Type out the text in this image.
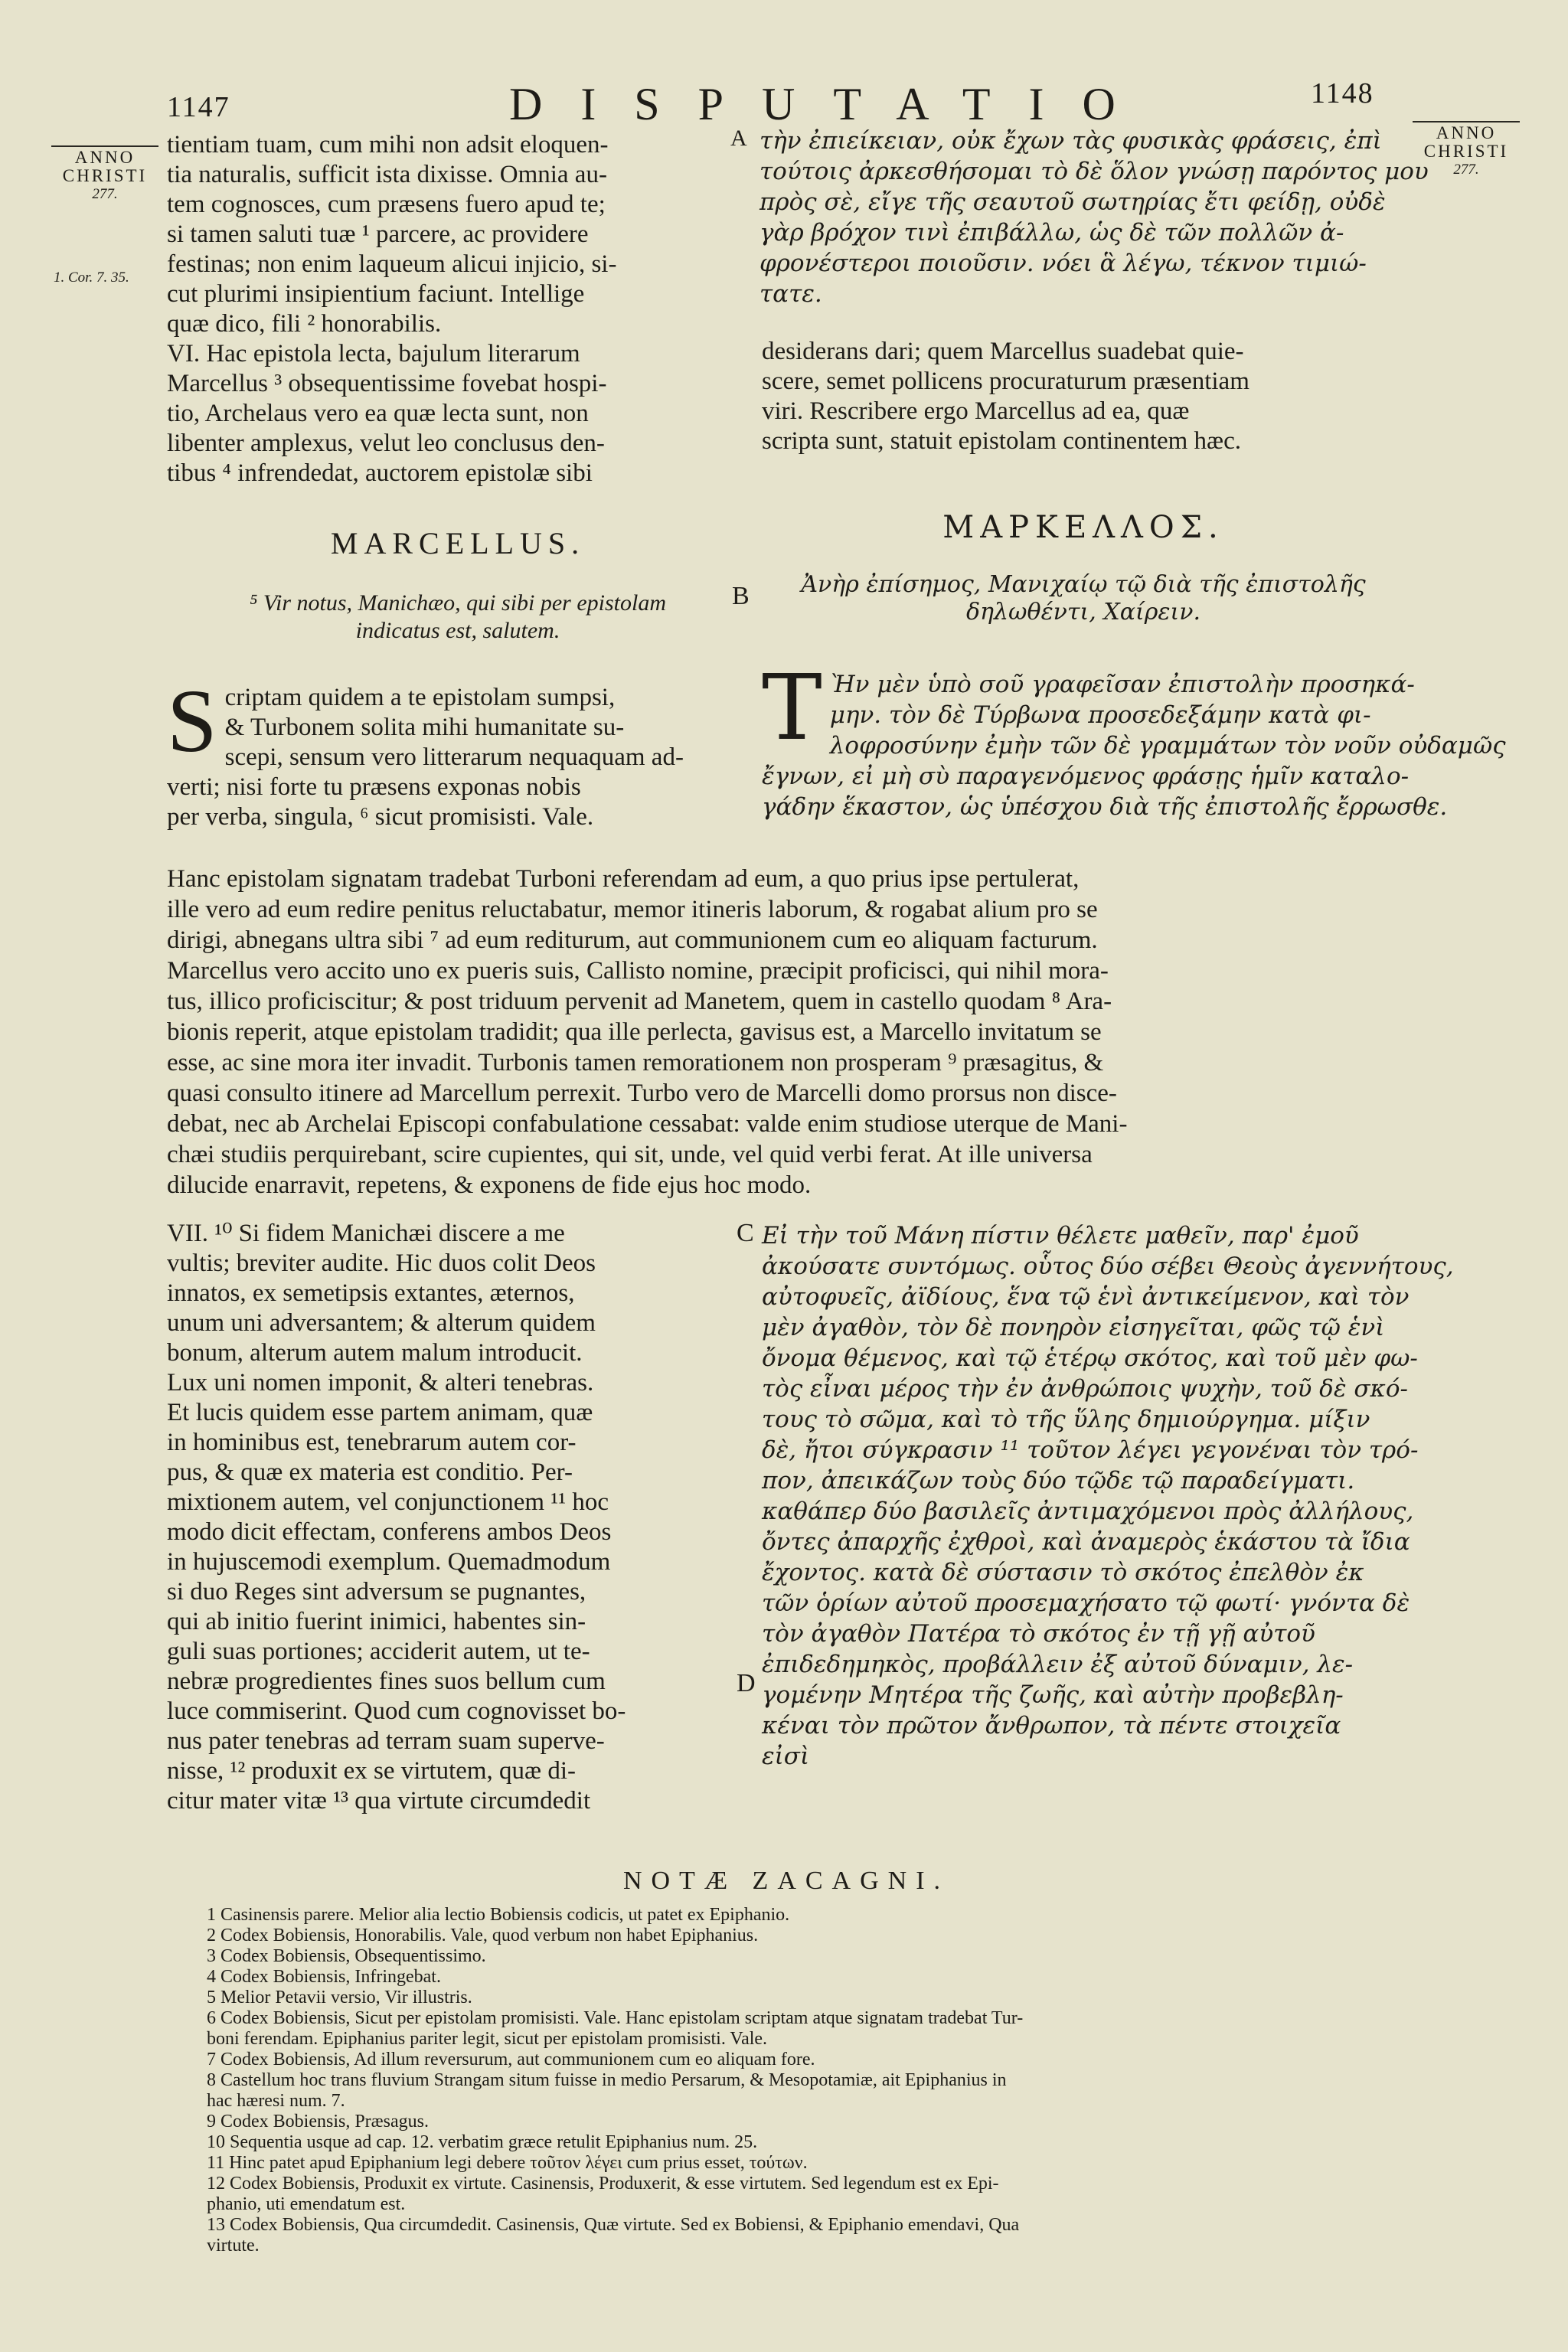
1147	DISPUTATIO	1148
ANNO
CHRISTI
277.
ANNO
CHRISTI
277.
1. Cor. 7. 35.
A
B
C
D
tientiam tuam, cum mihi non adsit eloquen-
tia naturalis, sufficit ista dixisse. Omnia au-
tem cognosces, cum præsens fuero apud te;
si tamen saluti tuæ ¹ parcere, ac providere
festinas; non enim laqueum alicui injicio, si-
cut plurimi insipientium faciunt. Intellige
quæ dico, fili ² honorabilis.
VI. Hac epistola lecta, bajulum literarum
Marcellus ³ obsequentissime fovebat hospi-
tio, Archelaus vero ea quæ lecta sunt, non
libenter amplexus, velut leo conclusus den-
tibus ⁴ infrendedat, auctorem epistolæ sibi
τὴν ἐπιείκειαν, οὐκ ἔχων τὰς φυσικὰς φράσεις, ἐπὶ
τούτοις ἀρκεσθήσομαι τὸ δὲ ὅλον γνώσῃ παρόντος μου
πρὸς σὲ, εἴγε τῆς σεαυτοῦ σωτηρίας ἔτι φείδῃ, οὐδὲ
γὰρ βρόχον τινὶ ἐπιβάλλω, ὡς δὲ τῶν πολλῶν ἀ-
φρονέστεροι ποιοῦσιν. νόει ἃ λέγω, τέκνον τιμιώ-
τατε.
desiderans dari; quem Marcellus suadebat quie-
scere, semet pollicens procuraturum præsentiam
viri. Rescribere ergo Marcellus ad ea, quæ
scripta sunt, statuit epistolam continentem hæc.
MARCELLUS.	ΜΑΡΚΕΛΛΟΣ.
⁵ Vir notus, Manichæo, qui sibi per epistolam
indicatus est, salutem.
Ἀνὴρ ἐπίσημος, Μανιχαίῳ τῷ διὰ τῆς ἐπιστολῆς
δηλωθέντι, Χαίρειν.
S criptam quidem a te epistolam sumpsi,
& Turbonem solita mihi humanitate su-
scepi, sensum vero litterarum nequaquam ad-
verti; nisi forte tu præsens exponas nobis
per verba, singula, ⁶ sicut promisisti. Vale.
Τ Ὴν μὲν ὑπὸ σοῦ γραφεῖσαν ἐπιστολὴν προσηκά-
μην. τὸν δὲ Τύρβωνα προσεδεξάμην κατὰ φι-
λοφροσύνην ἐμὴν τῶν δὲ γραμμάτων τὸν νοῦν οὐδαμῶς
ἔγνων, εἰ μὴ σὺ παραγενόμενος φράσῃς ἡμῖν καταλο-
γάδην ἕκαστον, ὡς ὑπέσχου διὰ τῆς ἐπιστολῆς ἔρρωσθε.
Hanc epistolam signatam tradebat Turboni referendam ad eum, a quo prius ipse pertulerat,
ille vero ad eum redire penitus reluctabatur, memor itineris laborum, & rogabat alium pro se
dirigi, abnegans ultra sibi ⁷ ad eum rediturum, aut communionem cum eo aliquam facturum.
Marcellus vero accito uno ex pueris suis, Callisto nomine, præcipit proficisci, qui nihil mora-
tus, illico proficiscitur; & post triduum pervenit ad Manetem, quem in castello quodam ⁸ Ara-
bionis reperit, atque epistolam tradidit; qua ille perlecta, gavisus est, a Marcello invitatum se
esse, ac sine mora iter invadit. Turbonis tamen remorationem non prosperam ⁹ præsagitus, &
quasi consulto itinere ad Marcellum perrexit. Turbo vero de Marcelli domo prorsus non disce-
debat, nec ab Archelai Episcopi confabulatione cessabat: valde enim studiose uterque de Mani-
chæi studiis perquirebant, scire cupientes, qui sit, unde, vel quid verbi ferat. At ille universa
dilucide enarravit, repetens, & exponens de fide ejus hoc modo.
VII. ¹⁰ Si fidem Manichæi discere a me
vultis; breviter audite. Hic duos colit Deos
innatos, ex semetipsis extantes, æternos,
unum uni adversantem; & alterum quidem
bonum, alterum autem malum introducit.
Lux uni nomen imponit, & alteri tenebras.
Et lucis quidem esse partem animam, quæ
in hominibus est, tenebrarum autem cor-
pus, & quæ ex materia est conditio. Per-
mixtionem autem, vel conjunctionem ¹¹ hoc
modo dicit effectam, conferens ambos Deos
in hujuscemodi exemplum. Quemadmodum
si duo Reges sint adversum se pugnantes,
qui ab initio fuerint inimici, habentes sin-
guli suas portiones; acciderit autem, ut te-
nebræ progredientes fines suos bellum cum
luce commiserint. Quod cum cognovisset bo-
nus pater tenebras ad terram suam superve-
nisse, ¹² produxit ex se virtutem, quæ di-
citur mater vitæ ¹³ qua virtute circumdedit
Εἰ τὴν τοῦ Μάνη πίστιν θέλετε μαθεῖν, παρ' ἐμοῦ
ἀκούσατε συντόμως. οὗτος δύο σέβει Θεοὺς ἀγεννήτους,
αὐτοφυεῖς, ἀϊδίους, ἕνα τῷ ἑνὶ ἀντικείμενον, καὶ τὸν
μὲν ἀγαθὸν, τὸν δὲ πονηρὸν εἰσηγεῖται, φῶς τῷ ἑνὶ
ὄνομα θέμενος, καὶ τῷ ἑτέρῳ σκότος, καὶ τοῦ μὲν φω-
τὸς εἶναι μέρος τὴν ἐν ἀνθρώποις ψυχὴν, τοῦ δὲ σκό-
τους τὸ σῶμα, καὶ τὸ τῆς ὕλης δημιούργημα. μίξιν
δὲ, ἤτοι σύγκρασιν ¹¹ τοῦτον λέγει γεγονέναι τὸν τρό-
πον, ἀπεικάζων τοὺς δύο τῷδε τῷ παραδείγματι.
καθάπερ δύο βασιλεῖς ἀντιμαχόμενοι πρὸς ἀλλήλους,
ὄντες ἀπαρχῆς ἐχθροὶ, καὶ ἀναμερὸς ἑκάστου τὰ ἴδια
ἔχοντος. κατὰ δὲ σύστασιν τὸ σκότος ἐπελθὸν ἐκ
τῶν ὁρίων αὐτοῦ προσεμαχήσατο τῷ φωτί· γνόντα δὲ
τὸν ἀγαθὸν Πατέρα τὸ σκότος ἐν τῇ γῇ αὐτοῦ
ἐπιδεδημηκὸς, προβάλλειν ἐξ αὐτοῦ δύναμιν, λε-
γομένην Μητέρα τῆς ζωῆς, καὶ αὐτὴν προβεβλη-
κέναι τὸν πρῶτον ἄνθρωπον, τὰ πέντε στοιχεῖα
εἰσὶ
NOTÆ ZACAGNI.
1 Casinensis parere. Melior alia lectio Bobiensis codicis, ut patet ex Epiphanio.
2 Codex Bobiensis, Honorabilis. Vale, quod verbum non habet Epiphanius.
3 Codex Bobiensis, Obsequentissimo.
4 Codex Bobiensis, Infringebat.
5 Melior Petavii versio, Vir illustris.
6 Codex Bobiensis, Sicut per epistolam promisisti. Vale. Hanc epistolam scriptam atque signatam tradebat Tur-
boni ferendam. Epiphanius pariter legit, sicut per epistolam promisisti. Vale.
7 Codex Bobiensis, Ad illum reversurum, aut communionem cum eo aliquam fore.
8 Castellum hoc trans fluvium Strangam situm fuisse in medio Persarum, & Mesopotamiæ, ait Epiphanius in
hac hæresi num. 7.
9 Codex Bobiensis, Præsagus.
10 Sequentia usque ad cap. 12. verbatim græce retulit Epiphanius num. 25.
11 Hinc patet apud Epiphanium legi debere τοῦτον λέγει cum prius esset, τούτων.
12 Codex Bobiensis, Produxit ex virtute. Casinensis, Produxerit, & esse virtutem. Sed legendum est ex Epi-
phanio, uti emendatum est.
13 Codex Bobiensis, Qua circumdedit. Casinensis, Quæ virtute. Sed ex Bobiensi, & Epiphanio emendavi, Qua
virtute.
